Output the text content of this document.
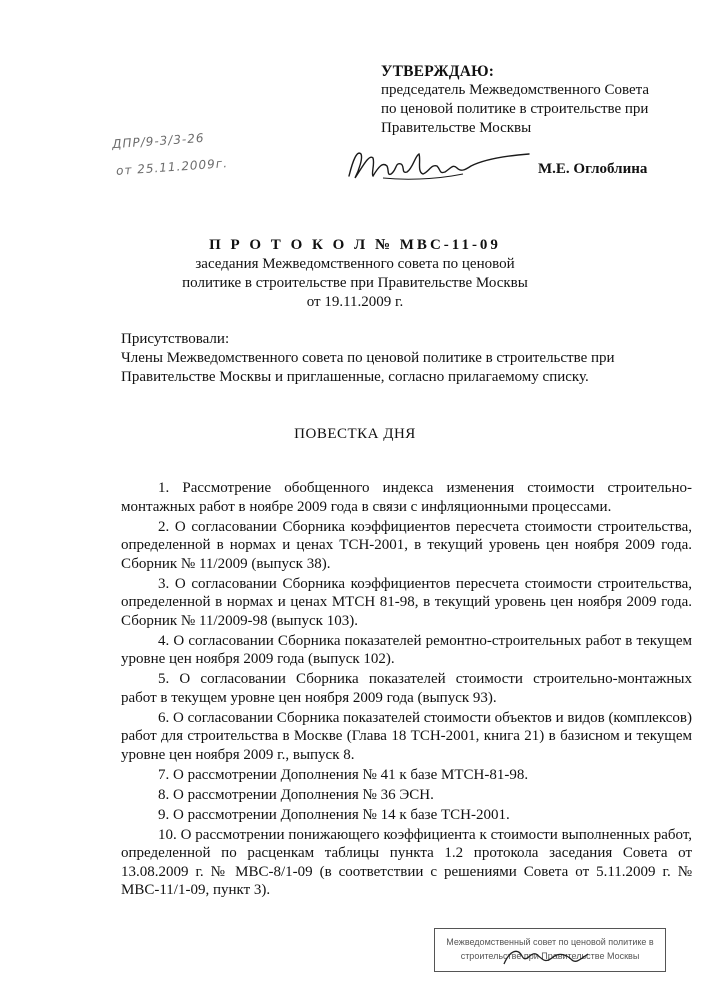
УТВЕРЖДАЮ:
председатель Межведомственного Совета
по ценовой политике в строительстве при
Правительстве Москвы
ДПР/9-3/3-26
от 25.11.2009г.	М.Е. Оглоблина
П Р О Т О К О Л № МВС-11-09
заседания Межведомственного совета по ценовой
политике в строительстве при Правительстве Москвы
от 19.11.2009 г.
Присутствовали:
Члены Межведомственного совета по ценовой политике в строительстве при Правительстве Москвы и приглашенные, согласно прилагаемому списку.
ПОВЕСТКА ДНЯ

1. Рассмотрение обобщенного индекса изменения стоимости строительно-монтажных работ в ноябре 2009 года в связи с инфляционными процессами.

2. О согласовании Сборника коэффициентов пересчета стоимости строительства, определенной в нормах и ценах ТСН-2001, в текущий уровень цен ноября 2009 года. Сборник № 11/2009 (выпуск 38).

3. О согласовании Сборника коэффициентов пересчета стоимости строительства, определенной в нормах и ценах МТСН 81-98, в текущий уровень цен ноября 2009 года. Сборник № 11/2009-98 (выпуск 103).

4. О согласовании Сборника показателей ремонтно-строительных работ в текущем уровне цен ноября 2009 года (выпуск 102).

5. О согласовании Сборника показателей стоимости строительно-монтажных работ в текущем уровне цен ноября 2009 года (выпуск 93).

6. О согласовании Сборника показателей стоимости объектов и видов (комплексов) работ для строительства в Москве (Глава 18 ТСН-2001, книга 21) в базисном и текущем уровне цен ноября 2009 г., выпуск 8.

7. О рассмотрении Дополнения № 41 к базе МТСН-81-98.

8. О рассмотрении Дополнения № 36 ЭСН.

9. О рассмотрении Дополнения № 14 к базе ТСН-2001.

10. О рассмотрении понижающего коэффициента к стоимости выполненных работ, определенной по расценкам таблицы пункта 1.2 протокола заседания Совета от 13.08.2009 г. № МВС-8/1-09 (в соответствии с решениями Совета от 5.11.2009 г. № МВС-11/1-09, пункт 3).

Межведомственный совет по ценовой политике в
строительстве при Правительстве Москвы
